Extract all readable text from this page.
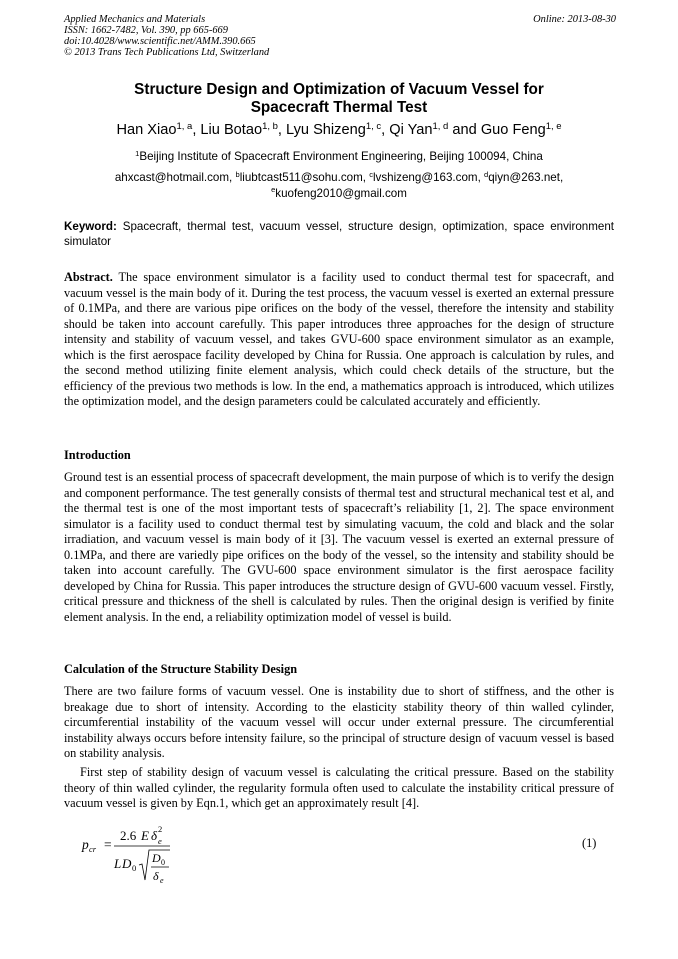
Applied Mechanics and Materials
ISSN: 1662-7482, Vol. 390, pp 665-669
doi:10.4028/www.scientific.net/AMM.390.665
© 2013 Trans Tech Publications Ltd, Switzerland
Online: 2013-08-30
Structure Design and Optimization of Vacuum Vessel for
Spacecraft Thermal Test
Han Xiao$^{1, a}$, Liu Botao$^{1, b}$, Lyu Shizeng$^{1, c}$, Qi Yan$^{1, d}$ and Guo Feng$^{1, e}$
$^1$Beijing Institute of Spacecraft Environment Engineering, Beijing 100094, China
ahxcast@hotmail.com, $^b$liubtcast511@sohu.com, $^c$lvshizeng@163.com, $^d$qiyn@263.net,
$^e$kuofeng2010@gmail.com
Keyword: Spacecraft, thermal test, vacuum vessel, structure design, optimization, space environment simulator

Abstract. The space environment simulator is a facility used to conduct thermal test for spacecraft, and vacuum vessel is the main body of it. During the test process, the vacuum vessel is exerted an external pressure of 0.1MPa, and there are various pipe orifices on the body of the vessel, therefore the intensity and stability should be taken into account carefully. This paper introduces three approaches for the design of structure intensity and stability of vacuum vessel, and takes GVU-600 space environment simulator as an example, which is the first aerospace facility developed by China for Russia. One approach is calculation by rules, and the second method utilizing finite element analysis, which could check details of the structure, but the efficiency of the previous two methods is low. In the end, a mathematics approach is introduced, which utilizes the optimization model, and the design parameters could be calculated accurately and efficiently.

Introduction

Ground test is an essential process of spacecraft development, the main purpose of which is to verify the design and component performance. The test generally consists of thermal test and structural mechanical test et al, and the thermal test is one of the most important tests of spacecraft’s reliability [1, 2]. The space environment simulator is a facility used to conduct thermal test by simulating vacuum, the cold and black and the solar irradiation, and vacuum vessel is main body of it [3]. The vacuum vessel is exerted an external pressure of 0.1MPa, and there are variedly pipe orifices on the body of the vessel, so the intensity and stability should be taken into account carefully. The GVU-600 space environment simulator is the first aerospace facility developed by China for Russia. This paper introduces the structure design of GVU-600 vacuum vessel. Firstly, critical pressure and thickness of the shell is calculated by rules. Then the original design is verified by finite element analysis. In the end, a reliability optimization model of vessel is build.

Calculation of the Structure Stability Design

There are two failure forms of vacuum vessel. One is instability due to short of stiffness, and the other is breakage due to short of intensity. According to the elasticity stability theory of thin walled cylinder, circumferential instability of the vacuum vessel will occur under external pressure. The circumferential instability always occurs before intensity failure, so the principal of structure design of vacuum vessel is based on stability analysis.

First step of stability design of vacuum vessel is calculating the critical pressure. Based on the stability theory of thin walled cylinder, the regularity formula often used to calculate the instability critical pressure of vacuum vessel is given by Eqn.1, which get an approximately result [4].

p cr =
2.6 E δ 2
e
L D 0
D 0
δ e
(1)
